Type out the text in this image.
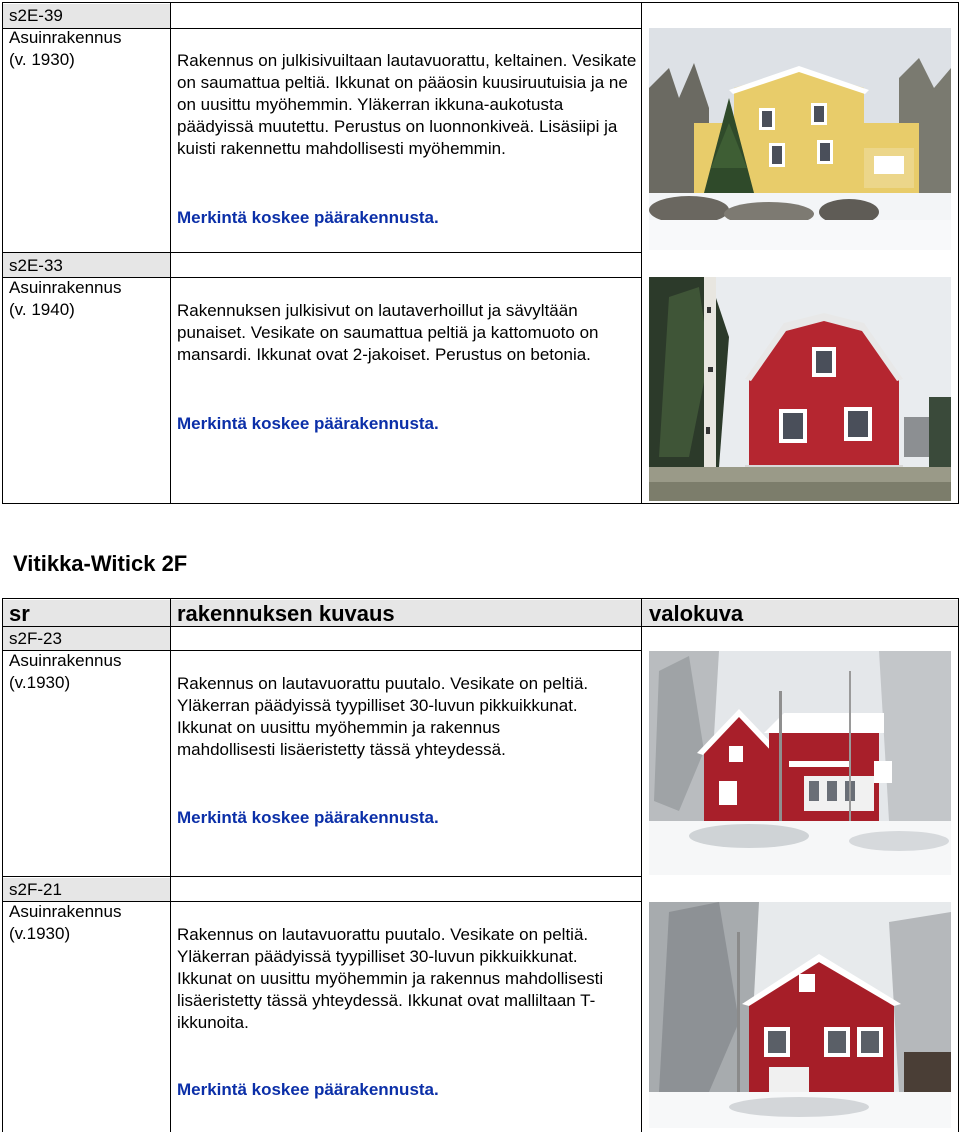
s2E-39
Asuinrakennus
(v. 1930)	Rakennus on julkisivuiltaan lautavuorattu, keltainen. Vesikate on saumattua peltiä. Ikkunat on pääosin kuusiruutuisia ja ne on uusittu myöhemmin. Yläkerran ikkuna-aukotusta päädyissä muutettu. Perustus on luonnonkiveä. Lisäsiipi ja kuisti rakennettu mahdollisesti myöhemmin.
Merkintä koskee päärakennusta.
s2E-33
Asuinrakennus
(v. 1940)	Rakennuksen julkisivut on lautaverhoillut ja sävyltään punaiset. Vesikate on saumattua peltiä ja kattomuoto on mansardi. Ikkunat ovat 2-jakoiset. Perustus on betonia.
Merkintä koskee päärakennusta.
Vitikka-Witick 2F
sr	rakennuksen kuvaus	valokuva
s2F-23
Asuinrakennus
(v.1930)	Rakennus on lautavuorattu puutalo. Vesikate on peltiä. Yläkerran päädyissä tyypilliset 30-luvun pikkuikkunat. Ikkunat on uusittu myöhemmin ja rakennus mahdollisesti lisäeristetty tässä yhteydessä.
Merkintä koskee päärakennusta.
s2F-21
Asuinrakennus
(v.1930)	Rakennus on lautavuorattu puutalo. Vesikate on peltiä. Yläkerran päädyissä tyypilliset 30-luvun pikkuikkunat. Ikkunat on uusittu myöhemmin ja rakennus mahdollisesti lisäeristetty tässä yhteydessä. Ikkunat ovat malliltaan T-ikkunoita.
Merkintä koskee päärakennusta.
